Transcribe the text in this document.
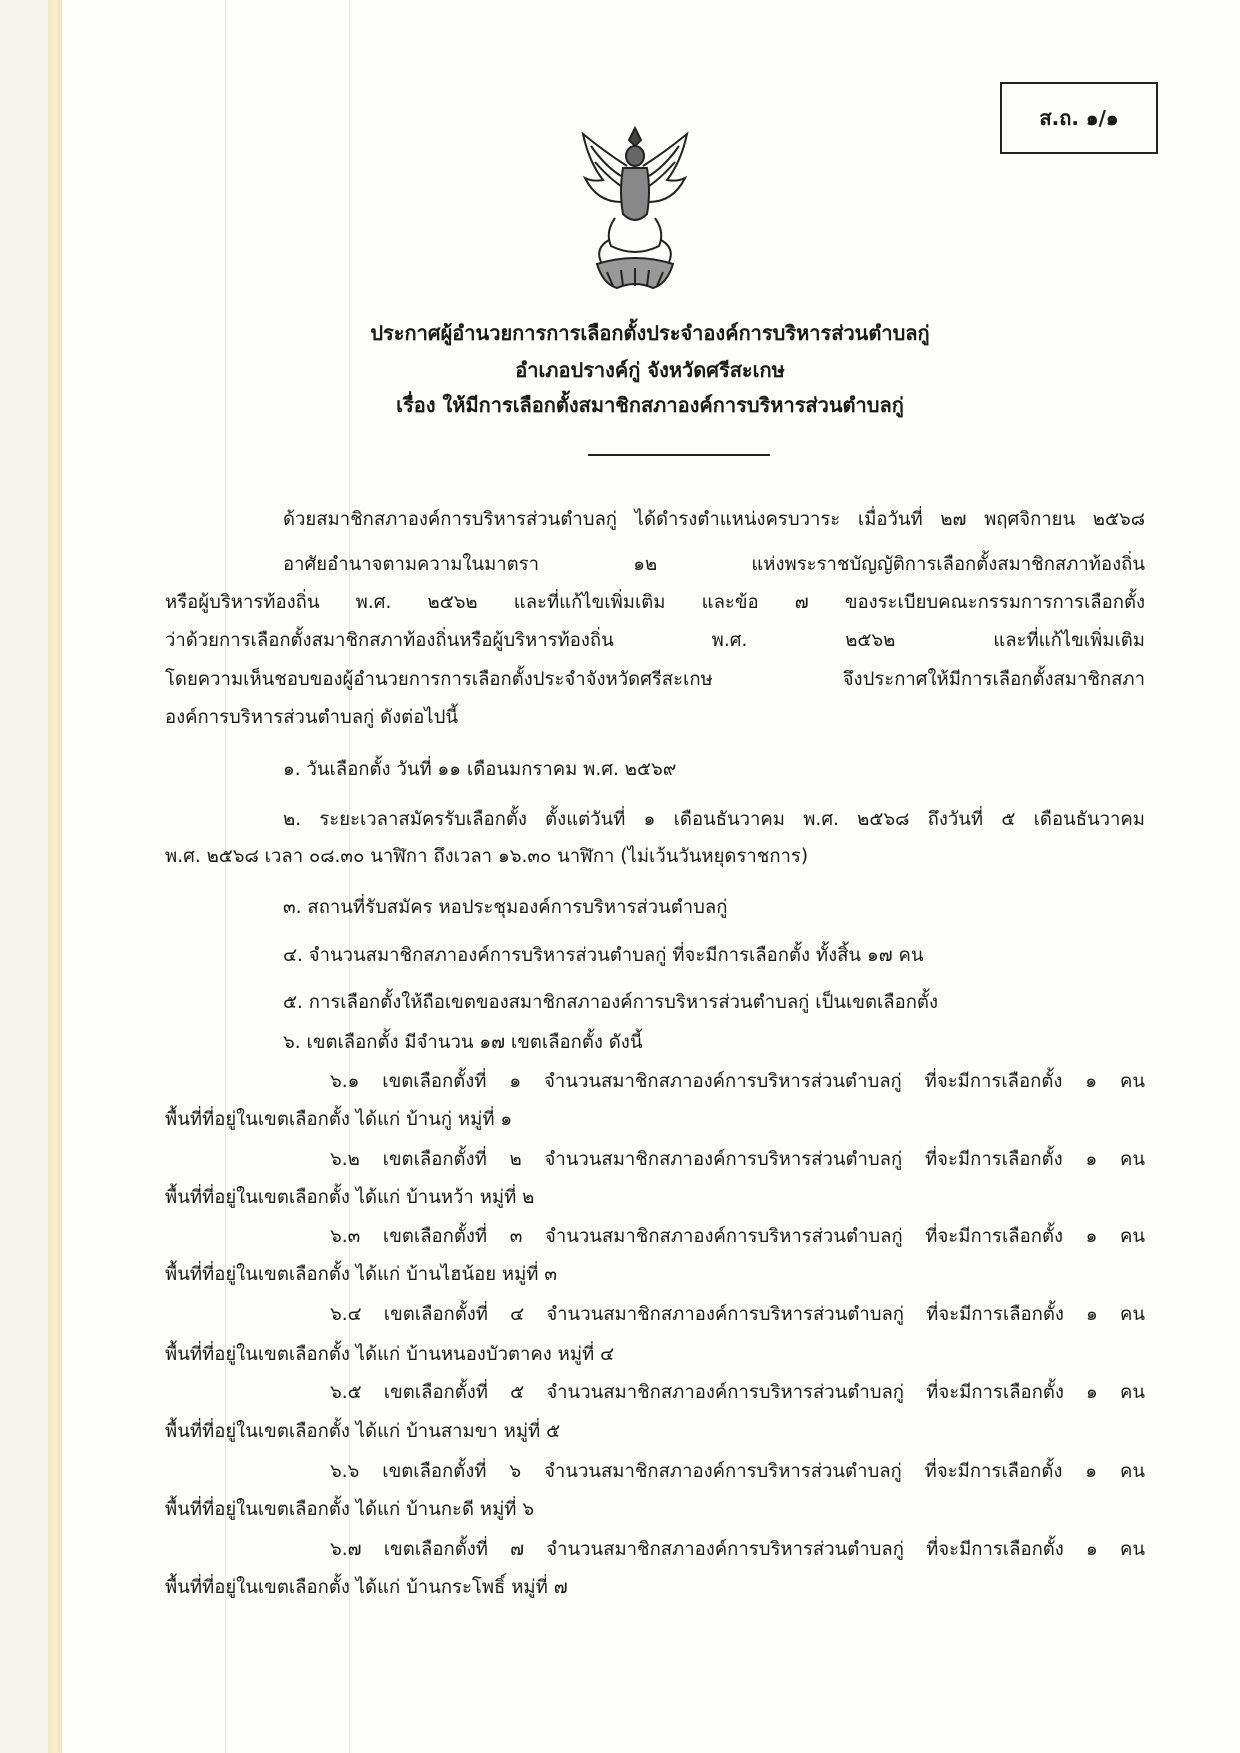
ส.ถ. ๑/๑
ประกาศผู้อำนวยการการเลือกตั้งประจำองค์การบริหารส่วนตำบลกู่
อำเภอปรางค์กู่ จังหวัดศรีสะเกษ
เรื่อง ให้มีการเลือกตั้งสมาชิกสภาองค์การบริหารส่วนตำบลกู่
ด้วยสมาชิกสภาองค์การบริหารส่วนตำบลกู่ ได้ดำรงตำแหน่งครบวาระ เมื่อวันที่ ๒๗ พฤศจิกายน ๒๕๖๘
อาศัยอำนาจตามความในมาตรา ๑๒ แห่งพระราชบัญญัติการเลือกตั้งสมาชิกสภาท้องถิ่น
หรือผู้บริหารท้องถิ่น พ.ศ. ๒๕๖๒ และที่แก้ไขเพิ่มเติม และข้อ ๗ ของระเบียบคณะกรรมการการเลือกตั้ง
ว่าด้วยการเลือกตั้งสมาชิกสภาท้องถิ่นหรือผู้บริหารท้องถิ่น พ.ศ. ๒๕๖๒ และที่แก้ไขเพิ่มเติม
โดยความเห็นชอบของผู้อำนวยการการเลือกตั้งประจำจังหวัดศรีสะเกษ จึงประกาศให้มีการเลือกตั้งสมาชิกสภา
องค์การบริหารส่วนตำบลกู่ ดังต่อไปนี้
๑. วันเลือกตั้ง วันที่ ๑๑ เดือนมกราคม พ.ศ. ๒๕๖๙
๒. ระยะเวลาสมัครรับเลือกตั้ง ตั้งแต่วันที่ ๑ เดือนธันวาคม พ.ศ. ๒๕๖๘ ถึงวันที่ ๕ เดือนธันวาคม
พ.ศ. ๒๕๖๘ เวลา ๐๘.๓๐ นาฬิกา ถึงเวลา ๑๖.๓๐ นาฬิกา (ไม่เว้นวันหยุดราชการ)
๓. สถานที่รับสมัคร หอประชุมองค์การบริหารส่วนตำบลกู่
๔. จำนวนสมาชิกสภาองค์การบริหารส่วนตำบลกู่ ที่จะมีการเลือกตั้ง ทั้งสิ้น ๑๗ คน
๕. การเลือกตั้งให้ถือเขตของสมาชิกสภาองค์การบริหารส่วนตำบลกู่ เป็นเขตเลือกตั้ง
๖. เขตเลือกตั้ง มีจำนวน ๑๗ เขตเลือกตั้ง ดังนี้
๖.๑ เขตเลือกตั้งที่ ๑ จำนวนสมาชิกสภาองค์การบริหารส่วนตำบลกู่ ที่จะมีการเลือกตั้ง ๑ คน
พื้นที่ที่อยู่ในเขตเลือกตั้ง ได้แก่ บ้านกู่ หมู่ที่ ๑
๖.๒ เขตเลือกตั้งที่ ๒ จำนวนสมาชิกสภาองค์การบริหารส่วนตำบลกู่ ที่จะมีการเลือกตั้ง ๑ คน
พื้นที่ที่อยู่ในเขตเลือกตั้ง ได้แก่ บ้านหว้า หมู่ที่ ๒
๖.๓ เขตเลือกตั้งที่ ๓ จำนวนสมาชิกสภาองค์การบริหารส่วนตำบลกู่ ที่จะมีการเลือกตั้ง ๑ คน
พื้นที่ที่อยู่ในเขตเลือกตั้ง ได้แก่ บ้านไฮน้อย หมู่ที่ ๓
๖.๔ เขตเลือกตั้งที่ ๔ จำนวนสมาชิกสภาองค์การบริหารส่วนตำบลกู่ ที่จะมีการเลือกตั้ง ๑ คน
พื้นที่ที่อยู่ในเขตเลือกตั้ง ได้แก่ บ้านหนองบัวตาคง หมู่ที่ ๔
๖.๕ เขตเลือกตั้งที่ ๕ จำนวนสมาชิกสภาองค์การบริหารส่วนตำบลกู่ ที่จะมีการเลือกตั้ง ๑ คน
พื้นที่ที่อยู่ในเขตเลือกตั้ง ได้แก่ บ้านสามขา หมู่ที่ ๕
๖.๖ เขตเลือกตั้งที่ ๖ จำนวนสมาชิกสภาองค์การบริหารส่วนตำบลกู่ ที่จะมีการเลือกตั้ง ๑ คน
พื้นที่ที่อยู่ในเขตเลือกตั้ง ได้แก่ บ้านกะดี หมู่ที่ ๖
๖.๗ เขตเลือกตั้งที่ ๗ จำนวนสมาชิกสภาองค์การบริหารส่วนตำบลกู่ ที่จะมีการเลือกตั้ง ๑ คน
พื้นที่ที่อยู่ในเขตเลือกตั้ง ได้แก่ บ้านกระโพธิ์ หมู่ที่ ๗
